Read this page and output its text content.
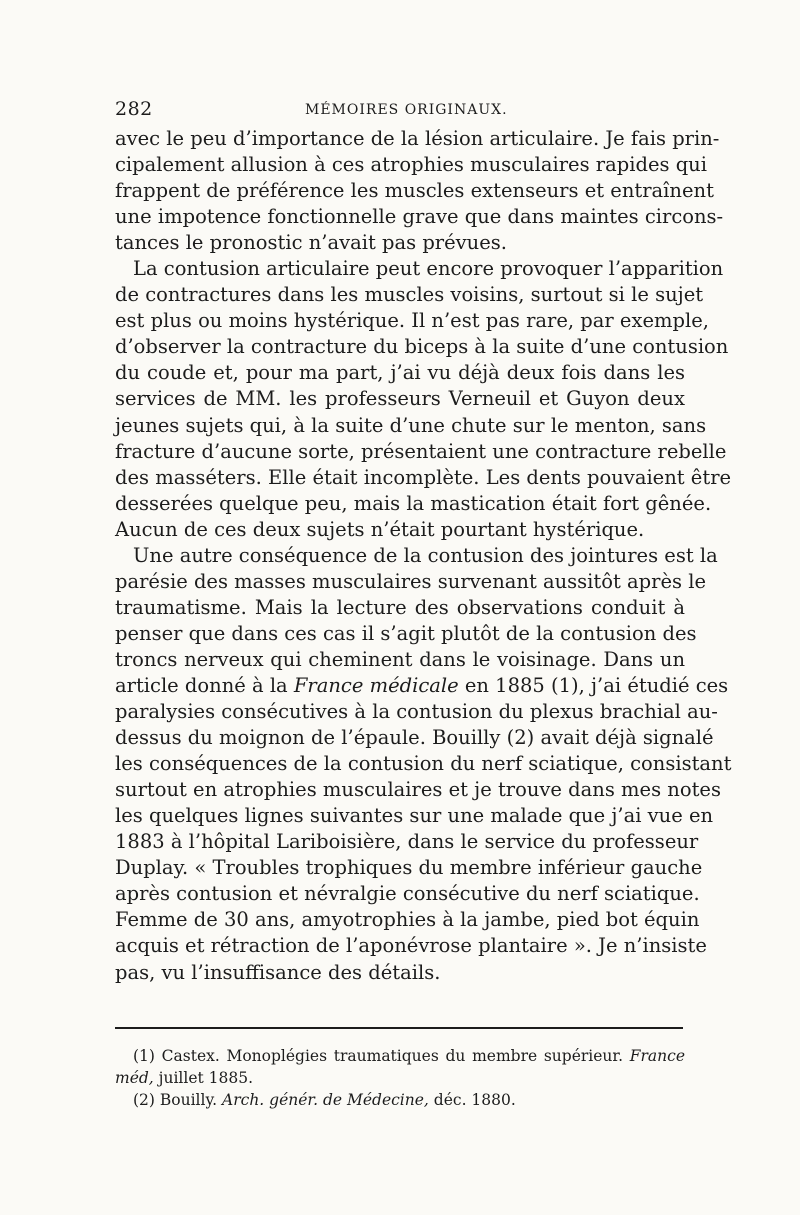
282	MÉMOIRES ORIGINAUX.
avec le peu d’importance de la lésion articulaire. Je fais prin-
cipalement allusion à ces atrophies musculaires rapides qui
frappent de préférence les muscles extenseurs et entraînent
une impotence fonctionnelle grave que dans maintes circons-
tances le pronostic n’avait pas prévues.
La contusion articulaire peut encore provoquer l’apparition
de contractures dans les muscles voisins, surtout si le sujet
est plus ou moins hystérique. Il n’est pas rare, par exemple,
d’observer la contracture du biceps à la suite d’une contusion
du coude et, pour ma part, j’ai vu déjà deux fois dans les
services de MM. les professeurs Verneuil et Guyon deux
jeunes sujets qui, à la suite d’une chute sur le menton, sans
fracture d’aucune sorte, présentaient une contracture rebelle
des masséters. Elle était incomplète. Les dents pouvaient être
desserées quelque peu, mais la mastication était fort gênée.
Aucun de ces deux sujets n’était pourtant hystérique.
Une autre conséquence de la contusion des jointures est la
parésie des masses musculaires survenant aussitôt après le
traumatisme. Mais la lecture des observations conduit à
penser que dans ces cas il s’agit plutôt de la contusion des
troncs nerveux qui cheminent dans le voisinage. Dans un
article donné à la France médicale en 1885 (1), j’ai étudié ces
paralysies consécutives à la contusion du plexus brachial au-
dessus du moignon de l’épaule. Bouilly (2) avait déjà signalé
les conséquences de la contusion du nerf sciatique, consistant
surtout en atrophies musculaires et je trouve dans mes notes
les quelques lignes suivantes sur une malade que j’ai vue en
1883 à l’hôpital Lariboisière, dans le service du professeur
Duplay. « Troubles trophiques du membre inférieur gauche
après contusion et névralgie consécutive du nerf sciatique.
Femme de 30 ans, amyotrophies à la jambe, pied bot équin
acquis et rétraction de l’aponévrose plantaire ». Je n’insiste
pas, vu l’insuffisance des détails.
(1) Castex. Monoplégies traumatiques du membre supérieur. France
méd, juillet 1885.
(2) Bouilly. Arch. génér. de Médecine, déc. 1880.
